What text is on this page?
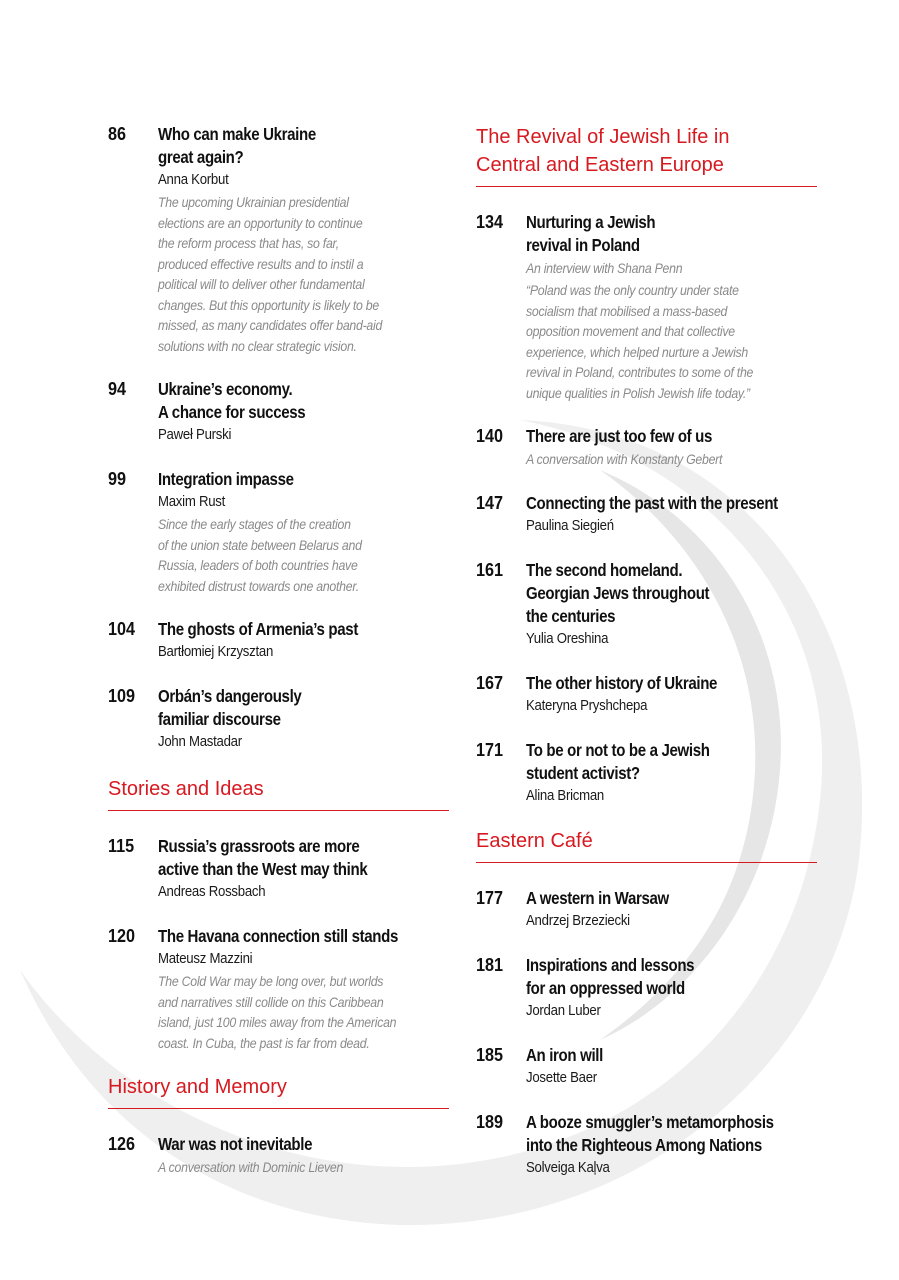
86	Who can make Ukraine
great again?
Anna Korbut
The upcoming Ukrainian presidential
elections are an opportunity to continue
the reform process that has, so far,
produced effective results and to instil a
political will to deliver other fundamental
changes. But this opportunity is likely to be
missed, as many candidates offer band-aid
solutions with no clear strategic vision.
94	Ukraine’s economy.
A chance for success
Paweł Purski
99	Integration impasse
Maxim Rust
Since the early stages of the creation
of the union state between Belarus and
Russia, leaders of both countries have
exhibited distrust towards one another.
104	The ghosts of Armenia’s past
Bartłomiej Krzysztan
109	Orbán’s dangerously
familiar discourse
John Mastadar
Stories and Ideas
115	Russia’s grassroots are more
active than the West may think
Andreas Rossbach
120	The Havana connection still stands
Mateusz Mazzini
The Cold War may be long over, but worlds
and narratives still collide on this Caribbean
island, just 100 miles away from the American
coast. In Cuba, the past is far from dead.
History and Memory
126	War was not inevitable
A conversation with Dominic Lieven
The Revival of Jewish Life in
Central and Eastern Europe
134	Nurturing a Jewish
revival in Poland
An interview with Shana Penn
“Poland was the only country under state
socialism that mobilised a mass-based
opposition movement and that collective
experience, which helped nurture a Jewish
revival in Poland, contributes to some of the
unique qualities in Polish Jewish life today.”
140	There are just too few of us
A conversation with Konstanty Gebert
147	Connecting the past with the present
Paulina Siegień
161	The second homeland.
Georgian Jews throughout
the centuries
Yulia Oreshina
167	The other history of Ukraine
Kateryna Pryshchepa
171	To be or not to be a Jewish
student activist?
Alina Bricman
Eastern Café
177	A western in Warsaw
Andrzej Brzeziecki
181	Inspirations and lessons
for an oppressed world
Jordan Luber
185	An iron will
Josette Baer
189	A booze smuggler’s metamorphosis
into the Righteous Among Nations
Solveiga Kaļva
